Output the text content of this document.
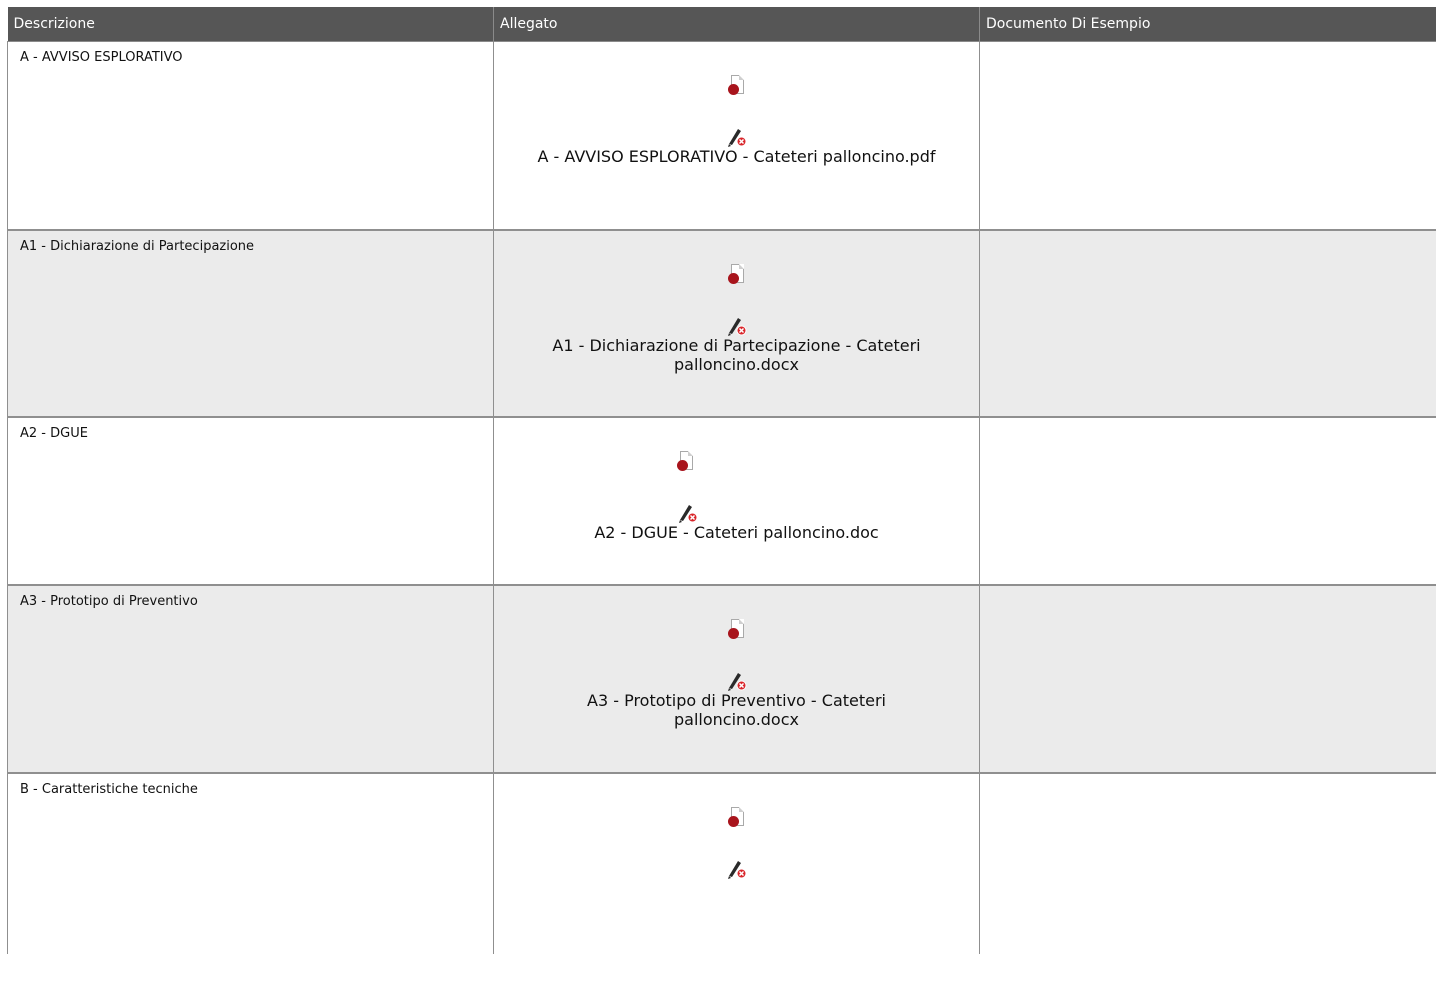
Descrizione	Allegato	Documento Di Esempio

A - AVVISO ESPLORATIVO	A - AVVISO ESPLORATIVO - Cateteri palloncino.pdf	

A1 - Dichiarazione di Partecipazione	A1 - Dichiarazione di Partecipazione - Cateteri palloncino.docx	

A2 - DGUE	A2 - DGUE - Cateteri palloncino.doc	

A3 - Prototipo di Preventivo	A3 - Prototipo di Preventivo - Cateteri palloncino.docx	

B - Caratteristiche tecniche
